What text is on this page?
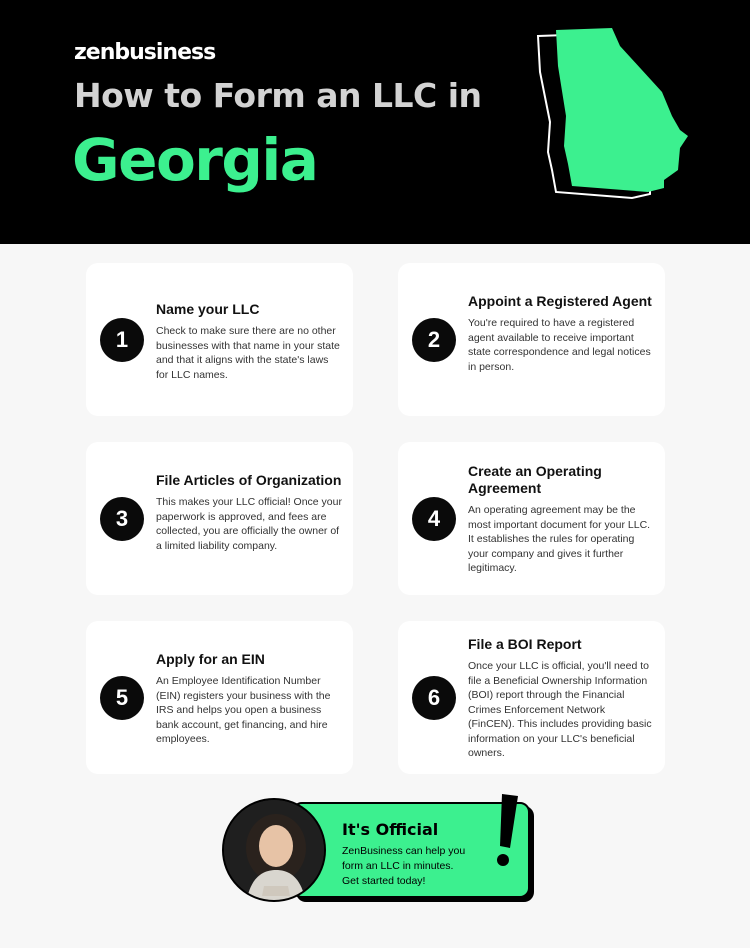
zenbusiness
How to Form an LLC in
Georgia
1
Name your LLC
Check to make sure there are no other businesses with that name in your state and that it aligns with the state's laws for LLC names.
2
Appoint a Registered Agent
You're required to have a registered agent available to receive important state correspondence and legal notices in person.
3
File Articles of Organization
This makes your LLC official! Once your paperwork is approved, and fees are collected, you are officially the owner of a limited liability company.
4
Create an Operating Agreement
An operating agreement may be the most important document for your LLC. It establishes the rules for operating your company and gives it further legitimacy.
5
Apply for an EIN
An Employee Identification Number (EIN) registers your business with the IRS and helps you open a business bank account, get financing, and hire employees.
6
File a BOI Report
Once your LLC is official, you'll need to file a Beneficial Ownership Information (BOI) report through the Financial Crimes Enforcement Network (FinCEN). This includes providing basic information on your LLC's beneficial owners.
It's Official
ZenBusiness can help you form an LLC in minutes. Get started today!
